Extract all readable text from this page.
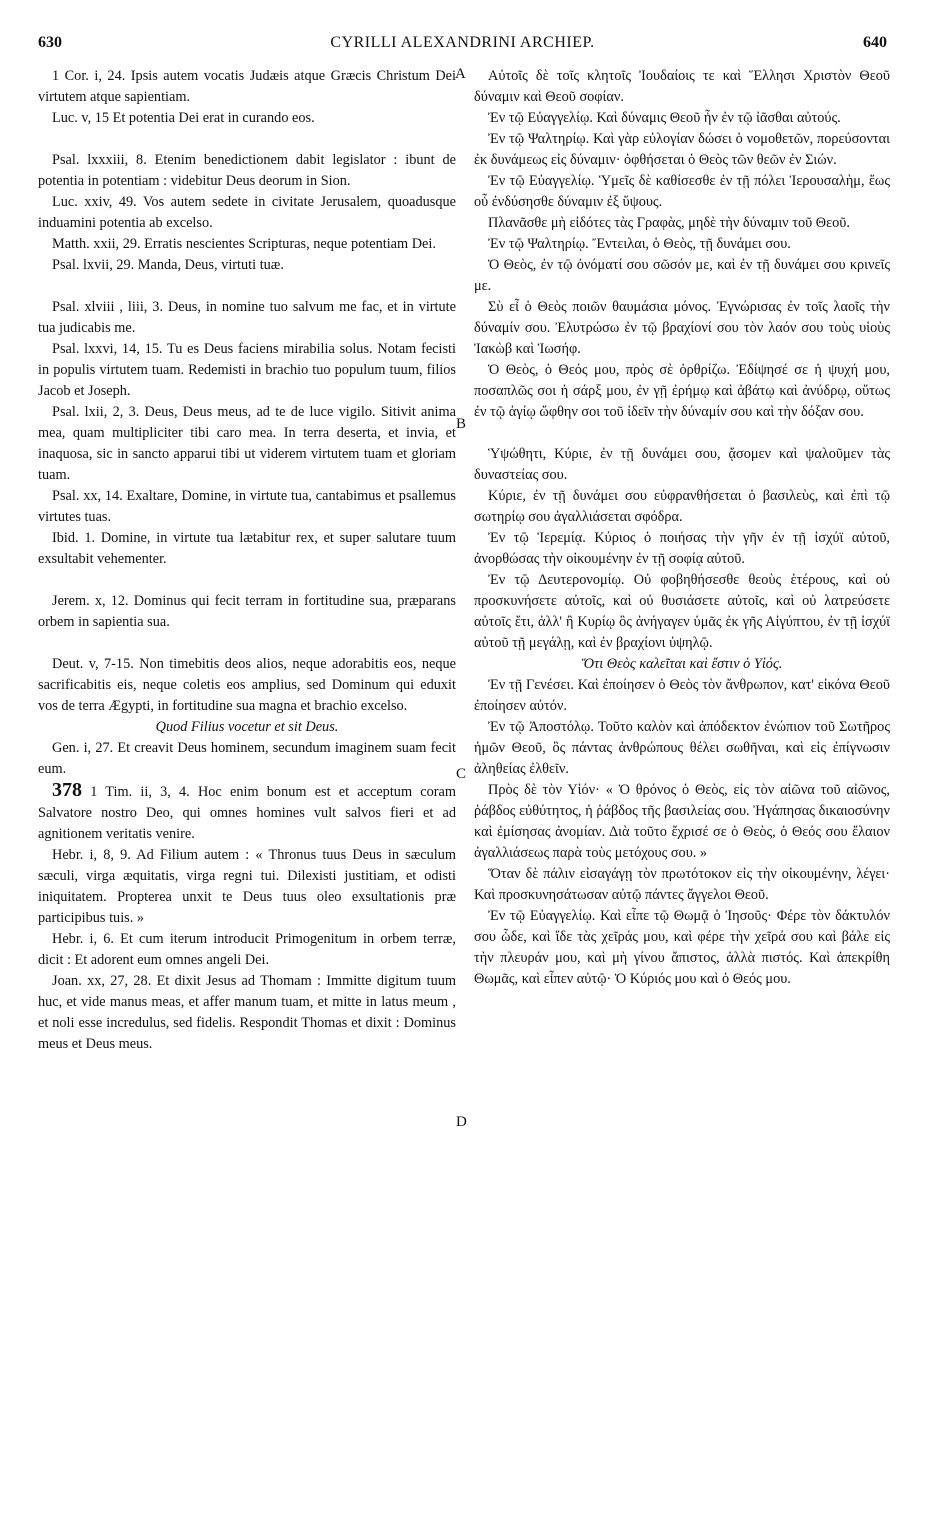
630	CYRILLI ALEXANDRINI ARCHIEP.	640
A
B
C
D

1 Cor. i, 24. Ipsis autem vocatis Judæis atque Græcis Christum Dei virtutem atque sapientiam.

Luc. v, 15 Et potentia Dei erat in curando eos.

Psal. lxxxiii, 8. Etenim benedictionem dabit legislator : ibunt de potentia in potentiam : videbitur Deus deorum in Sion.

Luc. xxiv, 49. Vos autem sedete in civitate Jerusalem, quoadusque induamini potentia ab excelso.

Matth. xxii, 29. Erratis nescientes Scripturas, neque potentiam Dei.

Psal. lxvii, 29. Manda, Deus, virtuti tuæ.

Psal. xlviii , liii, 3. Deus, in nomine tuo salvum me fac, et in virtute tua judicabis me.

Psal. lxxvi, 14, 15. Tu es Deus faciens mirabilia solus. Notam fecisti in populis virtutem tuam. Redemisti in brachio tuo populum tuum, filios Jacob et Joseph.

Psal. lxii, 2, 3. Deus, Deus meus, ad te de luce vigilo. Sitivit anima mea, quam multipliciter tibi caro mea. In terra deserta, et invia, et inaquosa, sic in sancto apparui tibi ut viderem virtutem tuam et gloriam tuam.

Psal. xx, 14. Exaltare, Domine, in virtute tua, cantabimus et psallemus virtutes tuas.

Ibid. 1. Domine, in virtute tua lætabitur rex, et super salutare tuum exsultabit vehementer.

Jerem. x, 12. Dominus qui fecit terram in fortitudine sua, præparans orbem in sapientia sua.

Deut. v, 7-15. Non timebitis deos alios, neque adorabitis eos, neque sacrificabitis eis, neque coletis eos amplius, sed Dominum qui eduxit vos de terra Ægypti, in fortitudine sua magna et brachio excelso.

Quod Filius vocetur et sit Deus.

Gen. i, 27. Et creavit Deus hominem, secundum imaginem suam fecit eum.

378 1 Tim. ii, 3, 4. Hoc enim bonum est et acceptum coram Salvatore nostro Deo, qui omnes homines vult salvos fieri et ad agnitionem veritatis venire.

Hebr. i, 8, 9. Ad Filium autem : « Thronus tuus Deus in sæculum sæculi, virga æquitatis, virga regni tui. Dilexisti justitiam, et odisti iniquitatem. Propterea unxit te Deus tuus oleo exsultationis præ participibus tuis. »

Hebr. i, 6. Et cum iterum introducit Primogenitum in orbem terræ, dicit : Et adorent eum omnes angeli Dei.

Joan. xx, 27, 28. Et dixit Jesus ad Thomam : Immitte digitum tuum huc, et vide manus meas, et affer manum tuam, et mitte in latus meum , et noli esse incredulus, sed fidelis. Respondit Thomas et dixit : Dominus meus et Deus meus.

Αὐτοῖς δὲ τοῖς κλητοῖς Ἰουδαίοις τε καὶ Ἕλλησι Χριστὸν Θεοῦ δύναμιν καὶ Θεοῦ σοφίαν.

Ἐν τῷ Εὐαγγελίῳ. Καὶ δύναμις Θεοῦ ἦν ἐν τῷ ἰᾶσθαι αὐτούς.

Ἐν τῷ Ψαλτηρίῳ. Καὶ γὰρ εὐλογίαν δώσει ὁ νομοθετῶν, πορεύσονται ἐκ δυνάμεως εἰς δύναμιν· ὀφθήσεται ὁ Θεὸς τῶν θεῶν ἐν Σιών.

Ἐν τῷ Εὐαγγελίῳ. Ὑμεῖς δὲ καθίσεσθε ἐν τῇ πόλει Ἱερουσαλὴμ, ἕως οὗ ἐνδύσησθε δύναμιν ἐξ ὕψους.

Πλανᾶσθε μὴ εἰδότες τὰς Γραφὰς, μηδὲ τὴν δύναμιν τοῦ Θεοῦ.

Ἐν τῷ Ψαλτηρίῳ. Ἔντειλαι, ὁ Θεὸς, τῇ δυνάμει σου.

Ὁ Θεὸς, ἐν τῷ ὀνόματί σου σῶσόν με, καὶ ἐν τῇ δυνάμει σου κρινεῖς με.

Σὺ εἶ ὁ Θεὸς ποιῶν θαυμάσια μόνος. Ἐγνώρισας ἐν τοῖς λαοῖς τὴν δύναμίν σου. Ἐλυτρώσω ἐν τῷ βραχίονί σου τὸν λαόν σου τοὺς υἱοὺς Ἰακὼβ καὶ Ἰωσήφ.

Ὁ Θεὸς, ὁ Θεός μου, πρὸς σὲ ὀρθρίζω. Ἐδίψησέ σε ἡ ψυχή μου, ποσαπλῶς σοι ἡ σάρξ μου, ἐν γῇ ἐρήμῳ καὶ ἀβάτῳ καὶ ἀνύδρῳ, οὕτως ἐν τῷ ἁγίῳ ὤφθην σοι τοῦ ἰδεῖν τὴν δύναμίν σου καὶ τὴν δόξαν σου.

Ὑψώθητι, Κύριε, ἐν τῇ δυνάμει σου, ᾄσομεν καὶ ψαλοῦμεν τὰς δυναστείας σου.

Κύριε, ἐν τῇ δυνάμει σου εὐφρανθήσεται ὁ βασιλεὺς, καὶ ἐπὶ τῷ σωτηρίῳ σου ἀγαλλιάσεται σφόδρα.

Ἐν τῷ Ἱερεμίᾳ. Κύριος ὁ ποιήσας τὴν γῆν ἐν τῇ ἰσχύϊ αὐτοῦ, ἀνορθώσας τὴν οἰκουμένην ἐν τῇ σοφίᾳ αὐτοῦ.

Ἐν τῷ Δευτερονομίῳ. Οὐ φοβηθήσεσθε θεοὺς ἑτέρους, καὶ οὐ προσκυνήσετε αὐτοῖς, καὶ οὐ θυσιάσετε αὐτοῖς, καὶ οὐ λατρεύσετε αὐτοῖς ἔτι, ἀλλ' ἢ Κυρίῳ ὃς ἀνήγαγεν ὑμᾶς ἐκ γῆς Αἰγύπτου, ἐν τῇ ἰσχύϊ αὐτοῦ τῇ μεγάλῃ, καὶ ἐν βραχίονι ὑψηλῷ.

Ὅτι Θεὸς καλεῖται καὶ ἔστιν ὁ Υἱός.

Ἐν τῇ Γενέσει. Καὶ ἐποίησεν ὁ Θεὸς τὸν ἄνθρωπον, κατ' εἰκόνα Θεοῦ ἐποίησεν αὐτόν.

Ἐν τῷ Ἀποστόλῳ. Τοῦτο καλὸν καὶ ἀπόδεκτον ἐνώπιον τοῦ Σωτῆρος ἡμῶν Θεοῦ, ὃς πάντας ἀνθρώπους θέλει σωθῆναι, καὶ εἰς ἐπίγνωσιν ἀληθείας ἐλθεῖν.

Πρὸς δὲ τὸν Υἱόν· « Ὁ θρόνος ὁ Θεὸς, εἰς τὸν αἰῶνα τοῦ αἰῶνος, ῥάβδος εὐθύτητος, ἡ ῥάβδος τῆς βασιλείας σου. Ἠγάπησας δικαιοσύνην καὶ ἐμίσησας ἀνομίαν. Διὰ τοῦτο ἔχρισέ σε ὁ Θεὸς, ὁ Θεός σου ἔλαιον ἀγαλλιάσεως παρὰ τοὺς μετόχους σου. »

Ὅταν δὲ πάλιν εἰσαγάγῃ τὸν πρωτότοκον εἰς τὴν οἰκουμένην, λέγει· Καὶ προσκυνησάτωσαν αὐτῷ πάντες ἄγγελοι Θεοῦ.

Ἐν τῷ Εὐαγγελίῳ. Καὶ εἶπε τῷ Θωμᾷ ὁ Ἰησοῦς· Φέρε τὸν δάκτυλόν σου ὧδε, καὶ ἴδε τὰς χεῖράς μου, καὶ φέρε τὴν χεῖρά σου καὶ βάλε εἰς τὴν πλευράν μου, καὶ μὴ γίνου ἄπιστος, ἀλλὰ πιστός. Καὶ ἀπεκρίθη Θωμᾶς, καὶ εἶπεν αὐτῷ· Ὁ Κύριός μου καὶ ὁ Θεός μου.
